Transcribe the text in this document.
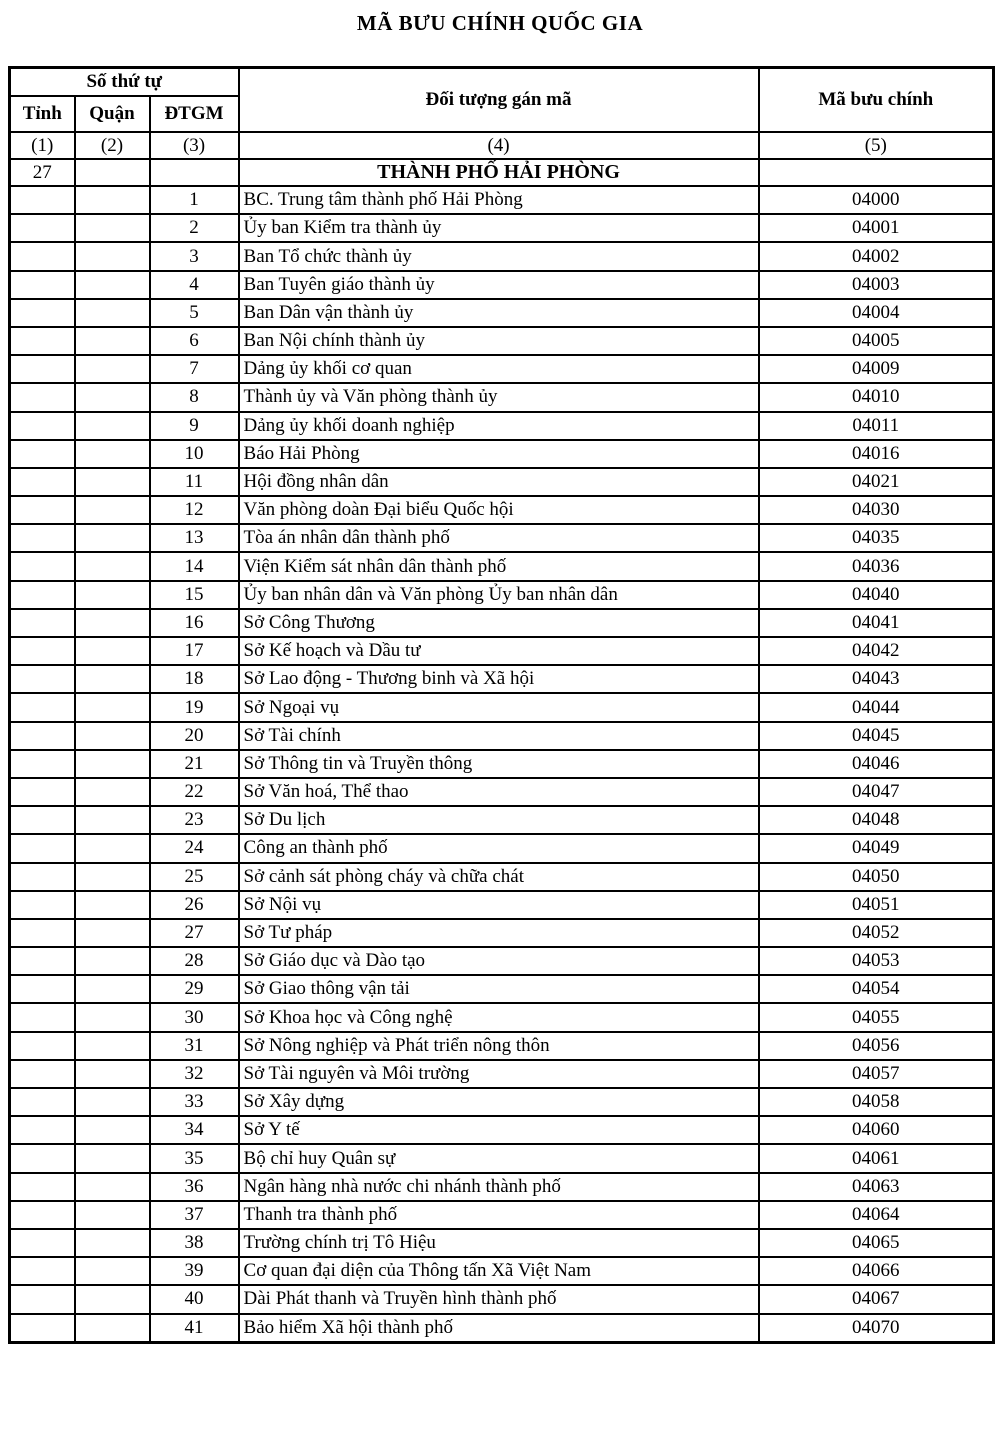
MÃ BƯU CHÍNH QUỐC GIA
Số thứ tự			Đối tượng gán mã	Mã bưu chính
Tỉnh	Quận	ĐTGM		
(1)	(2)	(3)	(4)	(5)
27			THÀNH PHỐ HẢI PHÒNG	
		1	BC. Trung tâm thành phố Hải Phòng	04000
		2	Ủy ban Kiểm tra thành ủy	04001
		3	Ban Tổ chức thành ủy	04002
		4	Ban Tuyên giáo thành ủy	04003
		5	Ban Dân vận thành ủy	04004
		6	Ban Nội chính thành ủy	04005
		7	Dảng ủy khối cơ quan	04009
		8	Thành ủy và Văn phòng thành ủy	04010
		9	Dảng ủy khối doanh nghiệp	04011
		10	Báo Hải Phòng	04016
		11	Hội đồng nhân dân	04021
		12	Văn phòng doàn Đại biểu Quốc hội	04030
		13	Tòa án nhân dân thành phố	04035
		14	Viện Kiểm sát nhân dân thành phố	04036
		15	Ủy ban nhân dân và Văn phòng Ủy ban nhân dân	04040
		16	Sở Công Thương	04041
		17	Sở Kế hoạch và Dầu tư	04042
		18	Sở Lao động - Thương binh và Xã hội	04043
		19	Sở Ngoại vụ	04044
		20	Sở Tài chính	04045
		21	Sở Thông tin và Truyền thông	04046
		22	Sở Văn hoá, Thể thao	04047
		23	Sở Du lịch	04048
		24	Công an thành phố	04049
		25	Sở cảnh sát phòng cháy và chữa chát	04050
		26	Sở Nội vụ	04051
		27	Sở Tư pháp	04052
		28	Sở Giáo dục và Dào tạo	04053
		29	Sở Giao thông vận tải	04054
		30	Sở Khoa học và Công nghệ	04055
		31	Sở Nông nghiệp và Phát triển nông thôn	04056
		32	Sở Tài nguyên và Môi trường	04057
		33	Sở Xây dựng	04058
		34	Sở Y tế	04060
		35	Bộ chỉ huy Quân sự	04061
		36	Ngân hàng nhà nước chi nhánh thành phố	04063
		37	Thanh tra thành phố	04064
		38	Trường chính trị Tô Hiệu	04065
		39	Cơ quan đại diện của Thông tấn Xã Việt Nam	04066
		40	Dài Phát thanh và Truyền hình thành phố	04067
		41	Bảo hiểm Xã hội thành phố	04070
